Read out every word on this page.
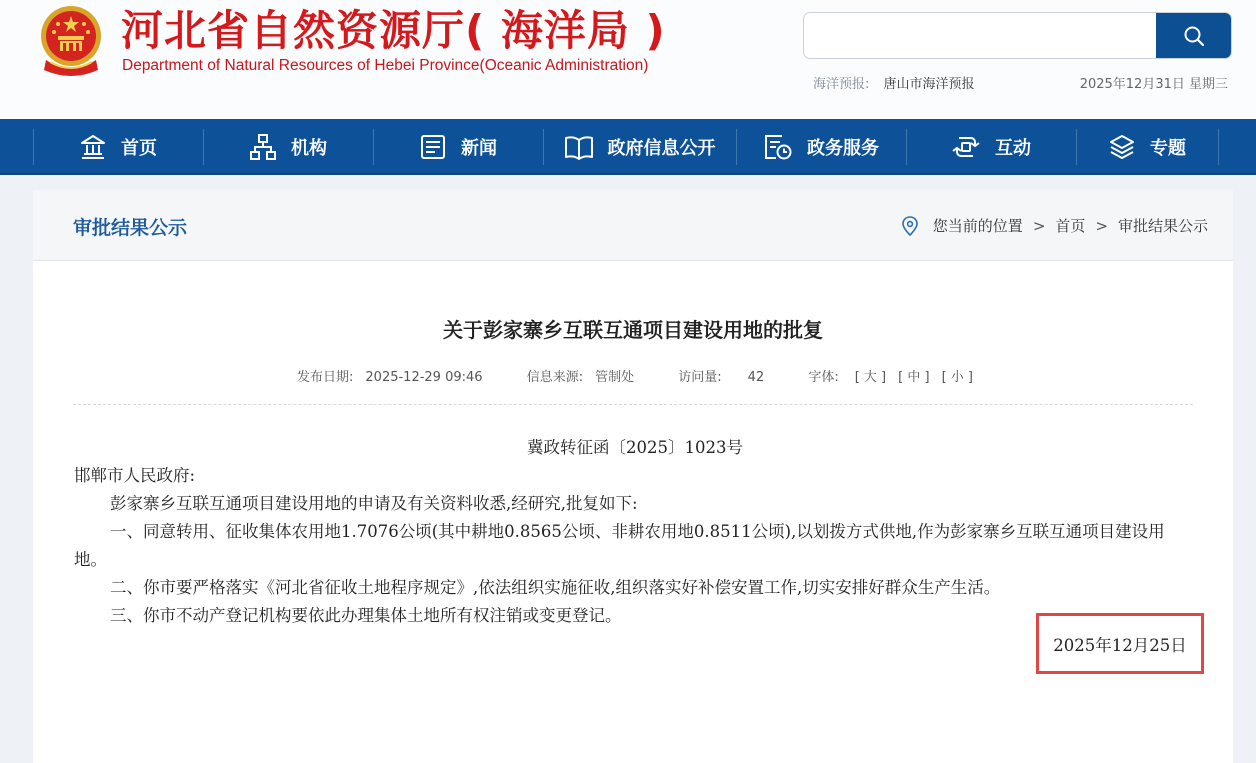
河北省自然资源厅( 海洋局 )
Department of Natural Resources of Hebei Province(Oceanic Administration)
海洋预报: 唐山市海洋预报	2025年12月31日 星期三
首页	机构	新闻	政府信息公开	政务服务	互动	专题
审批结果公示	您当前的位置 > 首页 > 审批结果公示
关于彭家寨乡互联互通项目建设用地的批复
发布日期: 2025-12-29 09:46	信息来源: 管制处	访问量: 42	字体: [ 大 ] [ 中 ] [ 小 ]

冀政转征函〔2025〕1023号

邯郸市人民政府:

彭家寨乡互联互通项目建设用地的申请及有关资料收悉,经研究,批复如下:

一、同意转用、征收集体农用地1.7076公顷(其中耕地0.8565公顷、非耕农用地0.8511公顷),以划拨方式供地,作为彭家寨乡互联互通项目建设用地。

二、你市要严格落实《河北省征收土地程序规定》,依法组织实施征收,组织落实好补偿安置工作,切实安排好群众生产生活。

三、你市不动产登记机构要依此办理集体土地所有权注销或变更登记。

2025年12月25日
